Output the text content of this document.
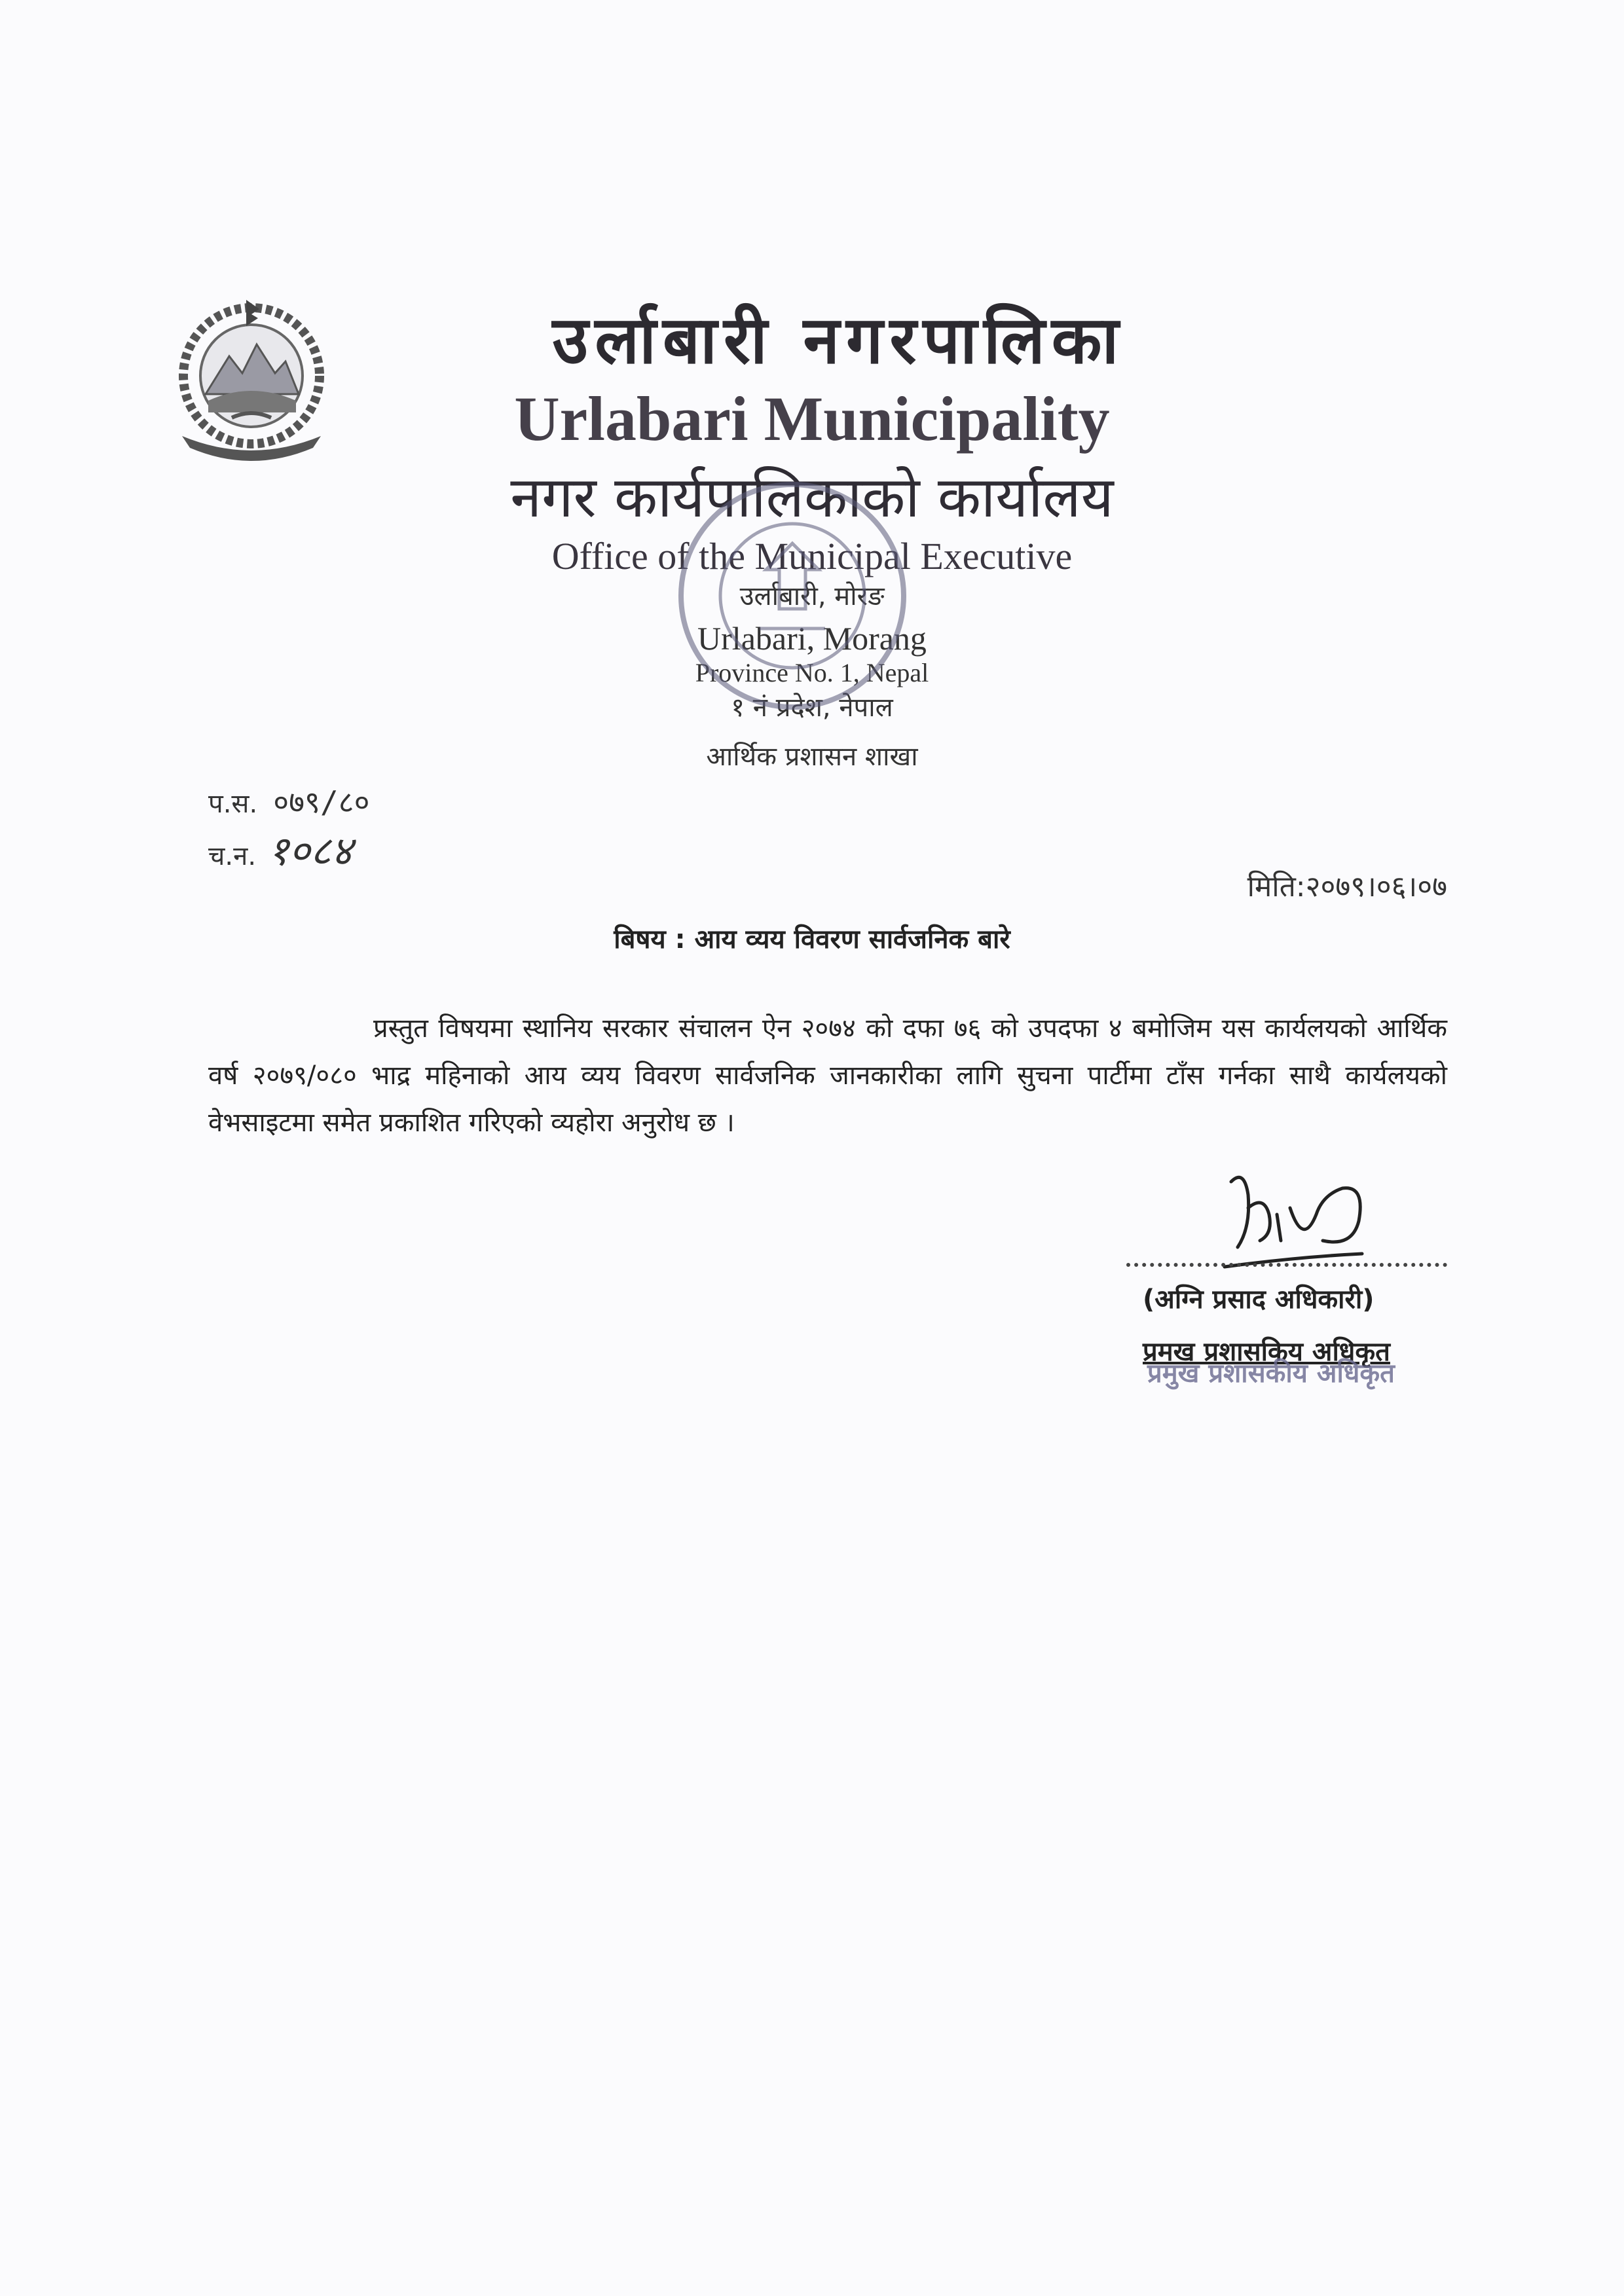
उर्लाबारी नगरपालिका
Urlabari Municipality
नगर कार्यपालिकाको कार्यालय
Office of the Municipal Executive
उर्लाबारी, मोरङ
Urlabari, Morang
Province No. 1, Nepal
१ नं प्रदेश, नेपाल
आर्थिक प्रशासन शाखा
प.स. ०७९/८०
च.न. १०८४
मिति:२०७९।०६।०७
बिषय : आय व्यय विवरण सार्वजनिक बारे

प्रस्तुत विषयमा स्थानिय सरकार संचालन ऐन २०७४ को दफा ७६ को उपदफा ४ बमोजिम यस कार्यलयको आर्थिक वर्ष २०७९/०८० भाद्र महिनाको आय व्यय विवरण सार्वजनिक जानकारीका लागि सुचना पार्टीमा टाँस गर्नका साथै कार्यलयको वेभसाइटमा समेत प्रकाशित गरिएको व्यहोरा अनुरोध छ ।

(अग्नि प्रसाद अधिकारी)
प्रमख प्रशासकिय अधिकृत
प्रमुख प्रशासकीय अधिकृत
